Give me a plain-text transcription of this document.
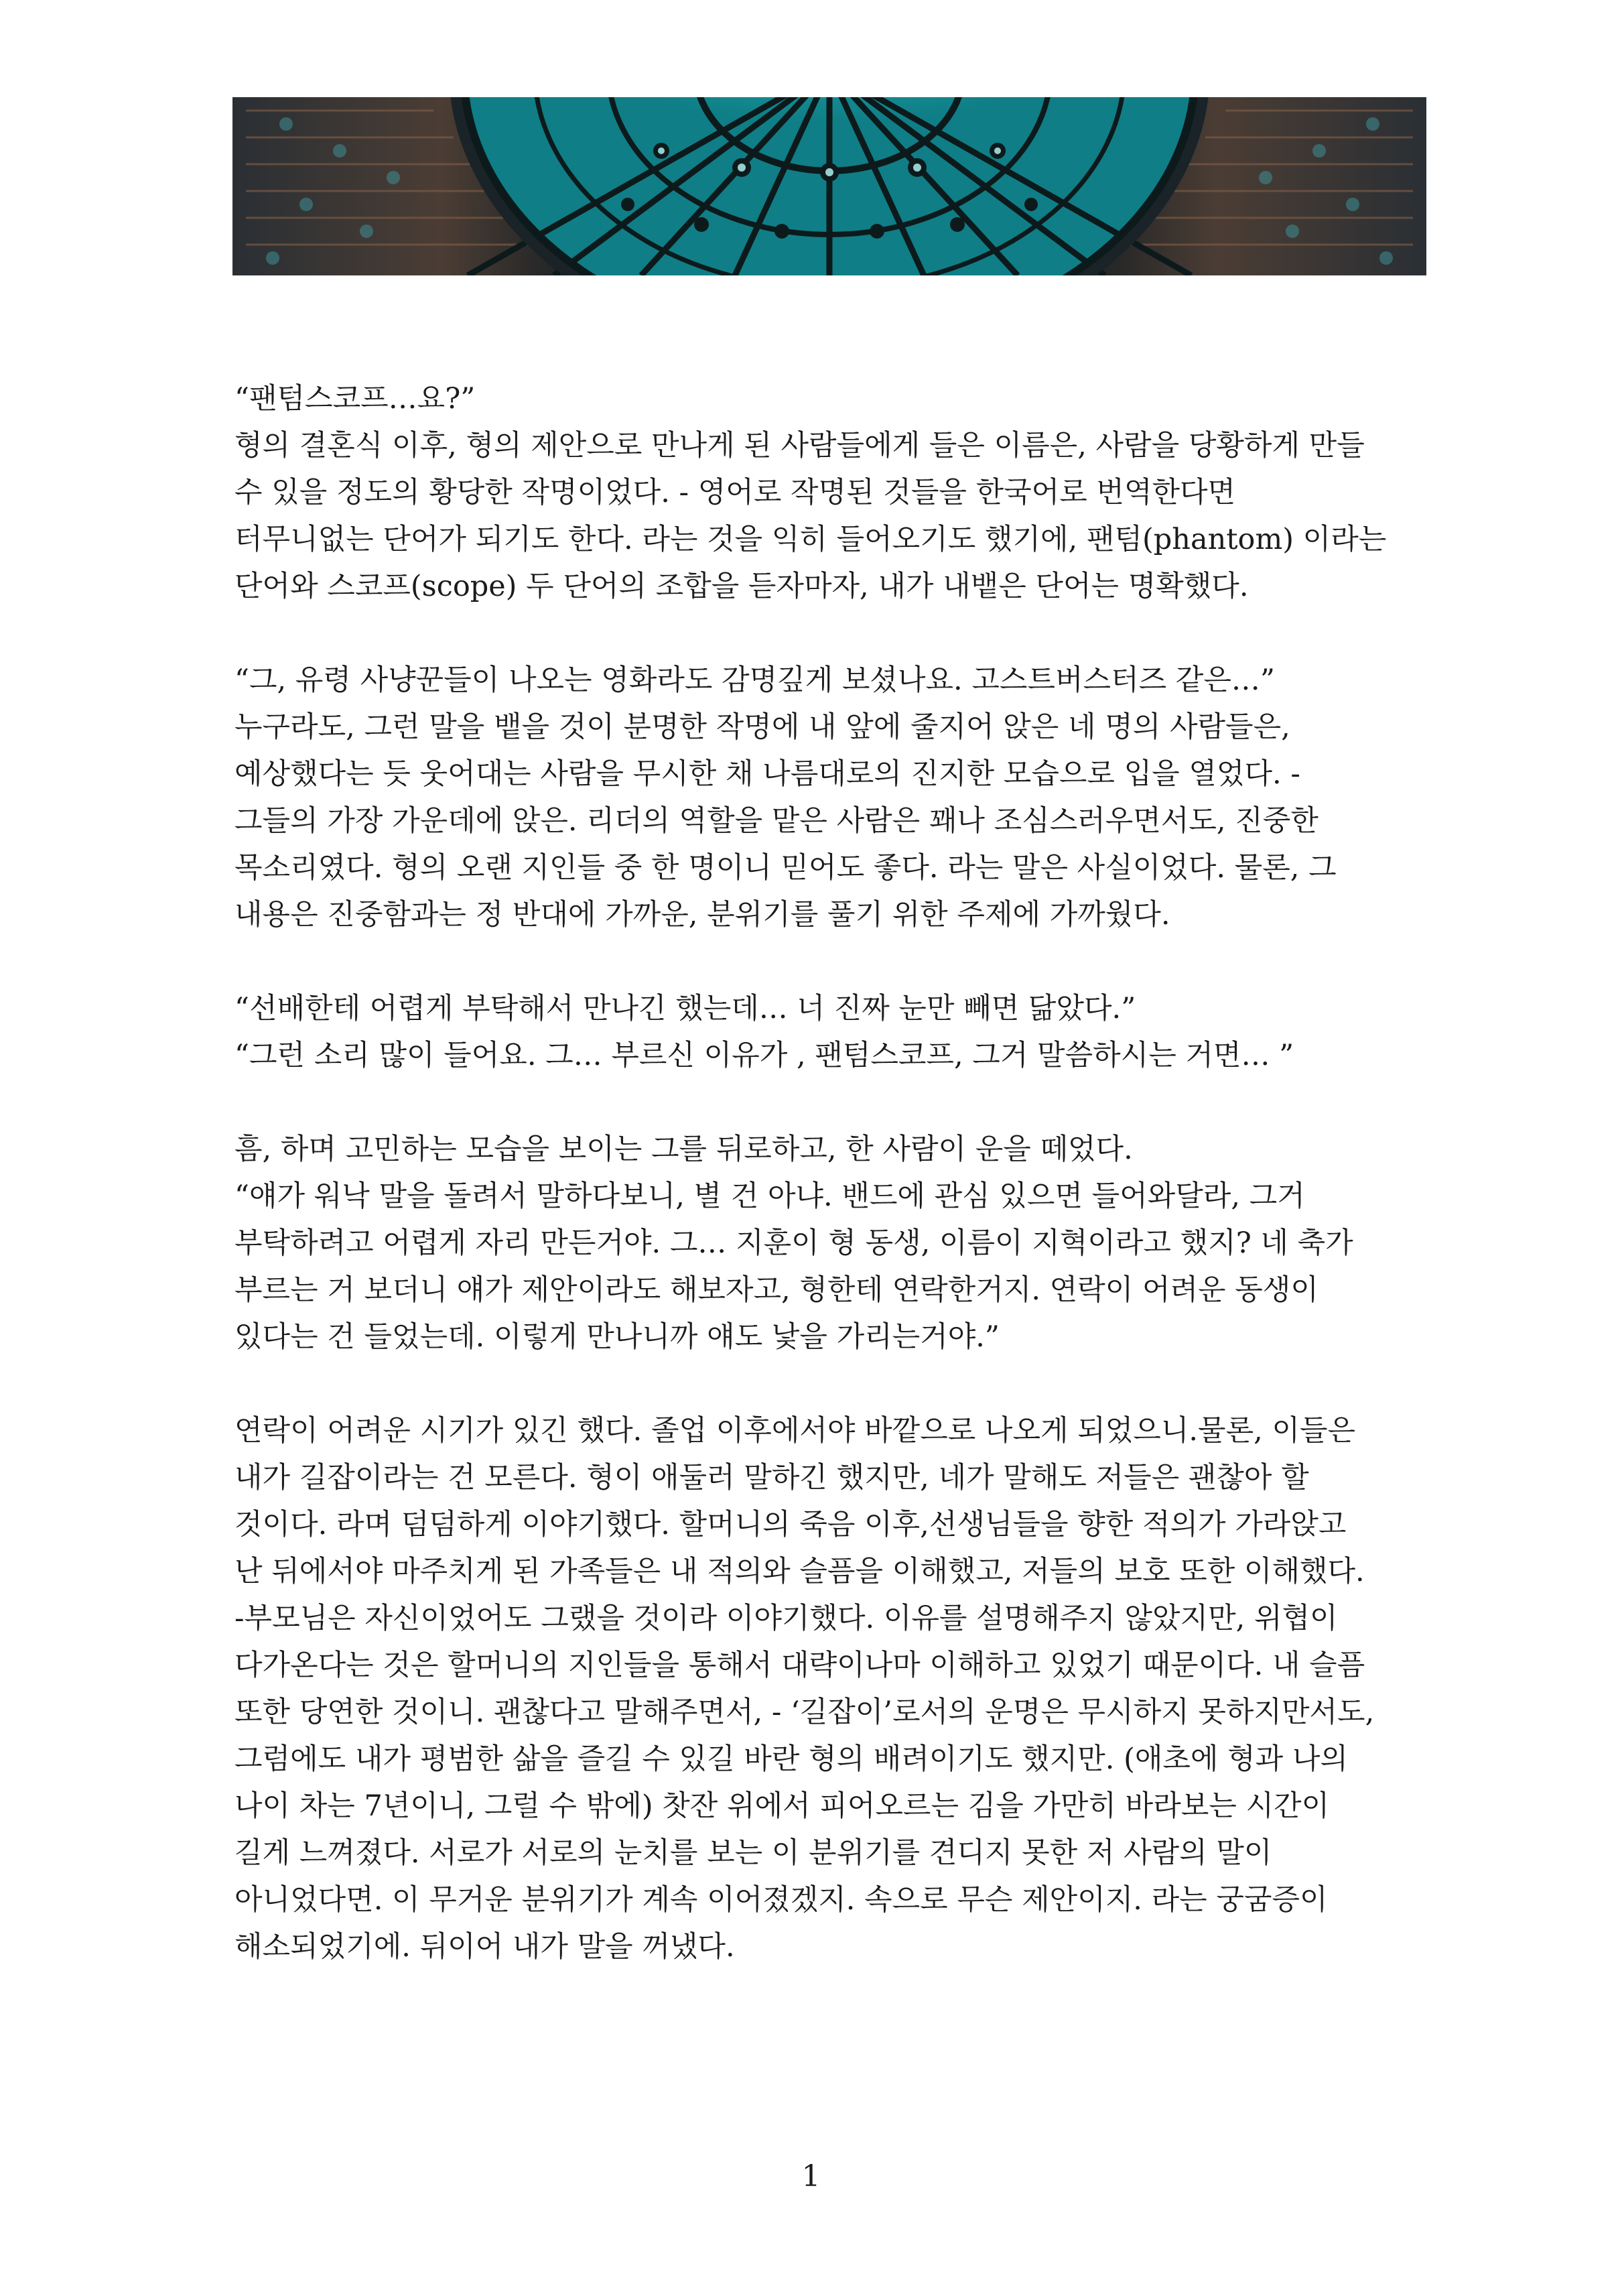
“팬텀스코프…요?”
형의 결혼식 이후, 형의 제안으로 만나게 된 사람들에게 들은 이름은, 사람을 당황하게 만들
수 있을 정도의 황당한 작명이었다. - 영어로 작명된 것들을 한국어로 번역한다면
터무니없는 단어가 되기도 한다. 라는 것을 익히 들어오기도 했기에, 팬텀(phantom) 이라는
단어와 스코프(scope) 두 단어의 조합을 듣자마자, 내가 내뱉은 단어는 명확했다.
“그, 유령 사냥꾼들이 나오는 영화라도 감명깊게 보셨나요. 고스트버스터즈 같은…”
누구라도, 그런 말을 뱉을 것이 분명한 작명에 내 앞에 줄지어 앉은 네 명의 사람들은,
예상했다는 듯 웃어대는 사람을 무시한 채 나름대로의 진지한 모습으로 입을 열었다. -
그들의 가장 가운데에 앉은. 리더의 역할을 맡은 사람은 꽤나 조심스러우면서도, 진중한
목소리였다. 형의 오랜 지인들 중 한 명이니 믿어도 좋다. 라는 말은 사실이었다. 물론, 그
내용은 진중함과는 정 반대에 가까운, 분위기를 풀기 위한 주제에 가까웠다.
“선배한테 어렵게 부탁해서 만나긴 했는데… 너 진짜 눈만 빼면 닮았다.”
“그런 소리 많이 들어요. 그… 부르신 이유가 , 팬텀스코프, 그거 말씀하시는 거면… ”
흠, 하며 고민하는 모습을 보이는 그를 뒤로하고, 한 사람이 운을 떼었다.
“얘가 워낙 말을 돌려서 말하다보니, 별 건 아냐. 밴드에 관심 있으면 들어와달라, 그거
부탁하려고 어렵게 자리 만든거야. 그… 지훈이 형 동생, 이름이 지혁이라고 했지? 네 축가
부르는 거 보더니 얘가 제안이라도 해보자고, 형한테 연락한거지. 연락이 어려운 동생이
있다는 건 들었는데. 이렇게 만나니까 얘도 낯을 가리는거야.”
연락이 어려운 시기가 있긴 했다. 졸업 이후에서야 바깥으로 나오게 되었으니.물론, 이들은
내가 길잡이라는 건 모른다. 형이 애둘러 말하긴 했지만, 네가 말해도 저들은 괜찮아 할
것이다. 라며 덤덤하게 이야기했다. 할머니의 죽음 이후,선생님들을 향한 적의가 가라앉고
난 뒤에서야 마주치게 된 가족들은 내 적의와 슬픔을 이해했고, 저들의 보호 또한 이해했다.
-부모님은 자신이었어도 그랬을 것이라 이야기했다. 이유를 설명해주지 않았지만, 위협이
다가온다는 것은 할머니의 지인들을 통해서 대략이나마 이해하고 있었기 때문이다. 내 슬픔
또한 당연한 것이니. 괜찮다고 말해주면서, - ‘길잡이’로서의 운명은 무시하지 못하지만서도,
그럼에도 내가 평범한 삶을 즐길 수 있길 바란 형의 배려이기도 했지만. (애초에 형과 나의
나이 차는 7년이니, 그럴 수 밖에) 찻잔 위에서 피어오르는 김을 가만히 바라보는 시간이
길게 느껴졌다. 서로가 서로의 눈치를 보는 이 분위기를 견디지 못한 저 사람의 말이
아니었다면. 이 무거운 분위기가 계속 이어졌겠지. 속으로 무슨 제안이지. 라는 궁굼증이
해소되었기에. 뒤이어 내가 말을 꺼냈다.
1
